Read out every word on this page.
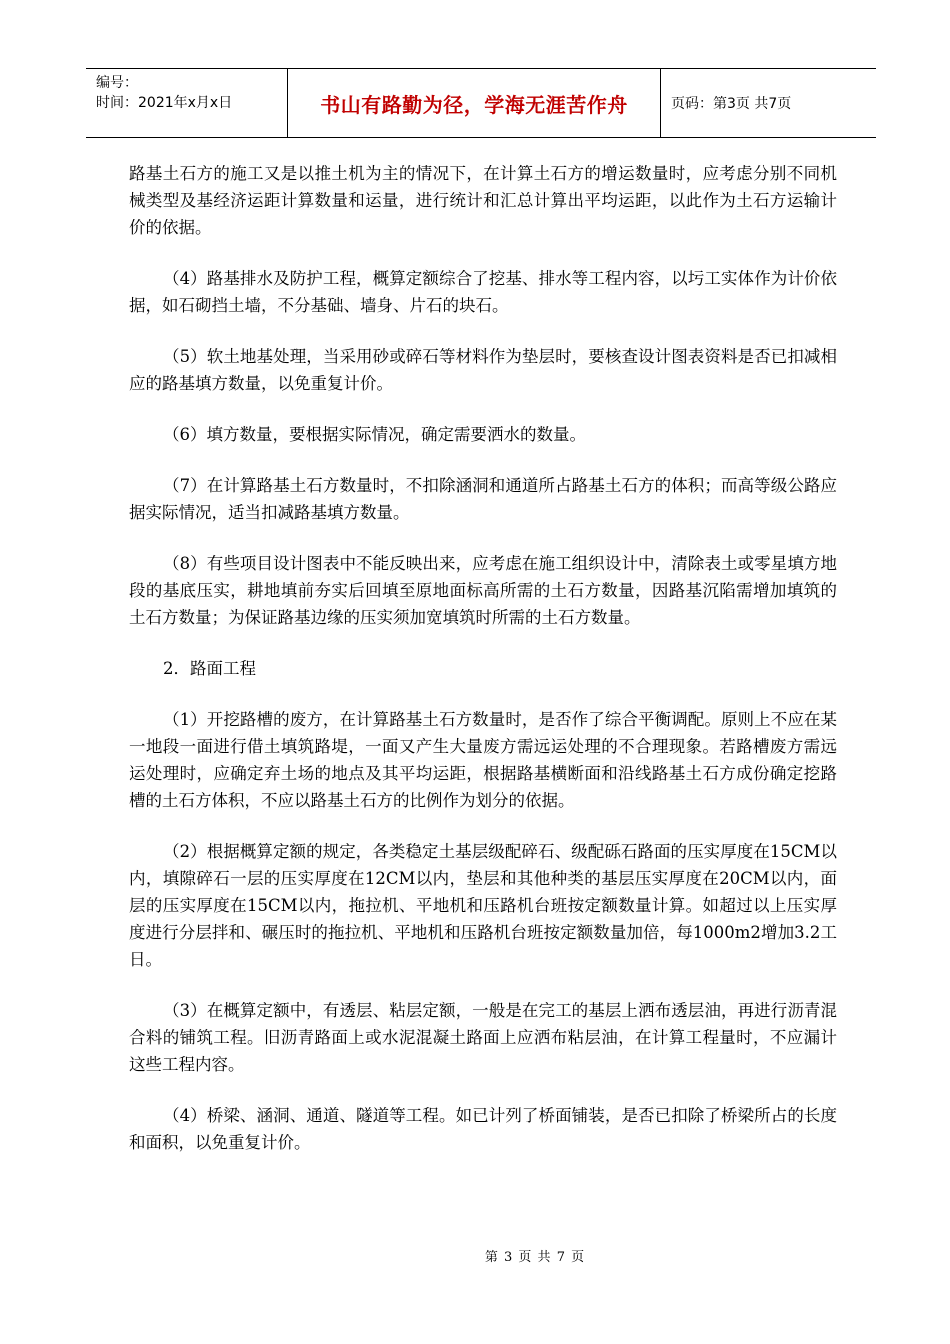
编号：
时间：2021年x月x日	书山有路勤为径，学海无涯苦作舟	页码：第3页 共7页

路基土石方的施工又是以推土机为主的情况下，在计算土石方的增运数量时，应考虑分别不同机械类型及基经济运距计算数量和运量，进行统计和汇总计算出平均运距，以此作为土石方运输计价的依据。

（4）路基排水及防护工程，概算定额综合了挖基、排水等工程内容，以圬工实体作为计价依据，如石砌挡土墙，不分基础、墙身、片石的块石。

（5）软土地基处理，当采用砂或碎石等材料作为垫层时，要核查设计图表资料是否已扣减相应的路基填方数量，以免重复计价。

（6）填方数量，要根据实际情况，确定需要洒水的数量。

（7）在计算路基土石方数量时，不扣除涵洞和通道所占路基土石方的体积；而高等级公路应据实际情况，适当扣减路基填方数量。

（8）有些项目设计图表中不能反映出来，应考虑在施工组织设计中，清除表土或零星填方地段的基底压实，耕地填前夯实后回填至原地面标高所需的土石方数量，因路基沉陷需增加填筑的土石方数量；为保证路基边缘的压实须加宽填筑时所需的土石方数量。

2．路面工程

（1）开挖路槽的废方，在计算路基土石方数量时，是否作了综合平衡调配。原则上不应在某一地段一面进行借土填筑路堤，一面又产生大量废方需远运处理的不合理现象。若路槽废方需远运处理时，应确定弃土场的地点及其平均运距，根据路基横断面和沿线路基土石方成份确定挖路槽的土石方体积，不应以路基土石方的比例作为划分的依据。

（2）根据概算定额的规定，各类稳定土基层级配碎石、级配砾石路面的压实厚度在15CM以内，填隙碎石一层的压实厚度在12CM以内，垫层和其他种类的基层压实厚度在20CM以内，面层的压实厚度在15CM以内，拖拉机、平地机和压路机台班按定额数量计算。如超过以上压实厚度进行分层拌和、碾压时的拖拉机、平地机和压路机台班按定额数量加倍，每1000m2增加3.2工日。

（3）在概算定额中，有透层、粘层定额，一般是在完工的基层上洒布透层油，再进行沥青混合料的铺筑工程。旧沥青路面上或水泥混凝土路面上应洒布粘层油，在计算工程量时，不应漏计这些工程内容。

（4）桥梁、涵洞、通道、隧道等工程。如已计列了桥面铺装，是否已扣除了桥梁所占的长度和面积，以免重复计价。

第 3 页 共 7 页
